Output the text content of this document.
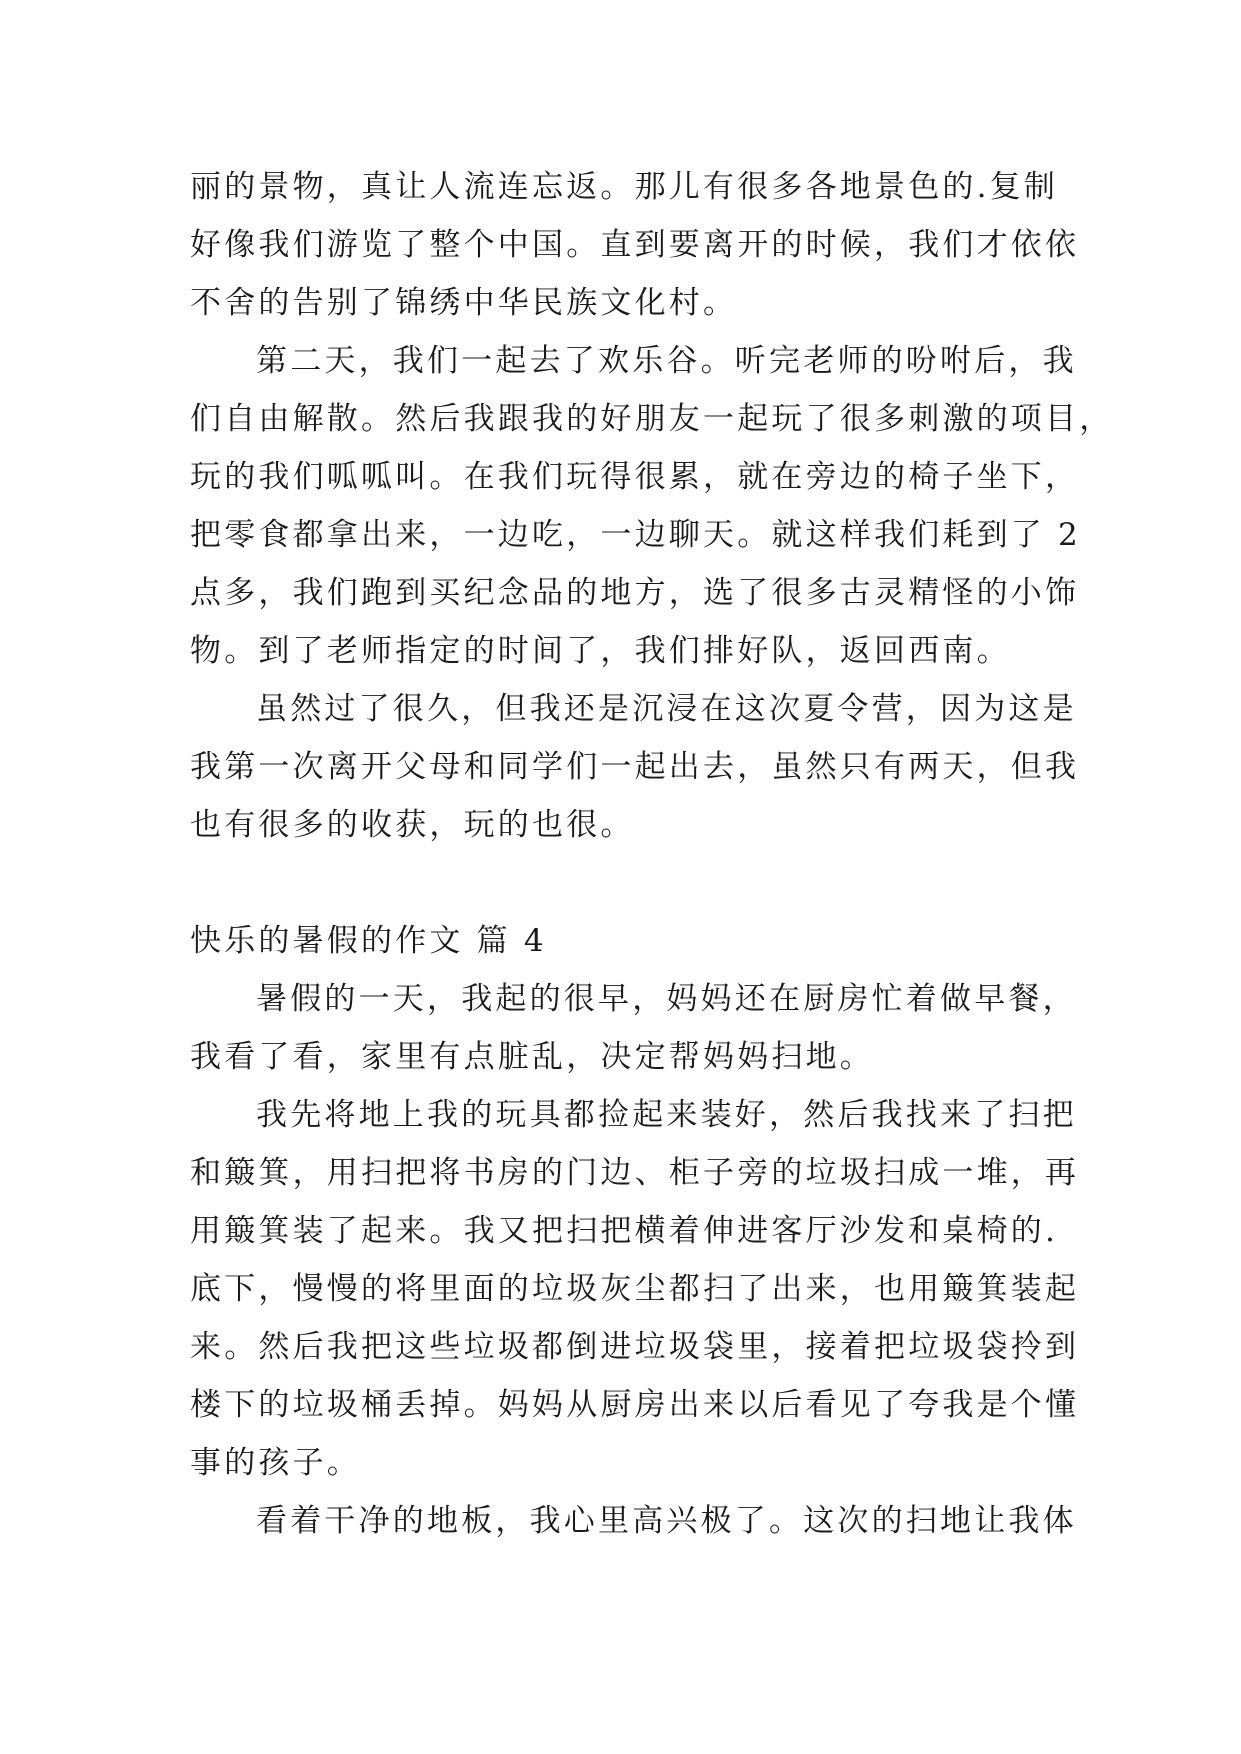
丽的景物，真让人流连忘返。那儿有很多各地景色的.复制
好像我们游览了整个中国。直到要离开的时候，我们才依依
不舍的告别了锦绣中华民族文化村。
第二天，我们一起去了欢乐谷。听完老师的吩咐后，我
们自由解散。然后我跟我的好朋友一起玩了很多刺激的项目，
玩的我们呱呱叫。在我们玩得很累，就在旁边的椅子坐下，
把零食都拿出来，一边吃，一边聊天。就这样我们耗到了 2
点多，我们跑到买纪念品的地方，选了很多古灵精怪的小饰
物。到了老师指定的时间了，我们排好队，返回西南。
虽然过了很久，但我还是沉浸在这次夏令营，因为这是
我第一次离开父母和同学们一起出去，虽然只有两天，但我
也有很多的收获，玩的也很。
快乐的暑假的作文 篇 4
暑假的一天，我起的很早，妈妈还在厨房忙着做早餐，
我看了看，家里有点脏乱，决定帮妈妈扫地。
我先将地上我的玩具都捡起来装好，然后我找来了扫把
和簸箕，用扫把将书房的门边、柜子旁的垃圾扫成一堆，再
用簸箕装了起来。我又把扫把横着伸进客厅沙发和桌椅的.
底下，慢慢的将里面的垃圾灰尘都扫了出来，也用簸箕装起
来。然后我把这些垃圾都倒进垃圾袋里，接着把垃圾袋拎到
楼下的垃圾桶丢掉。妈妈从厨房出来以后看见了夸我是个懂
事的孩子。
看着干净的地板，我心里高兴极了。这次的扫地让我体
